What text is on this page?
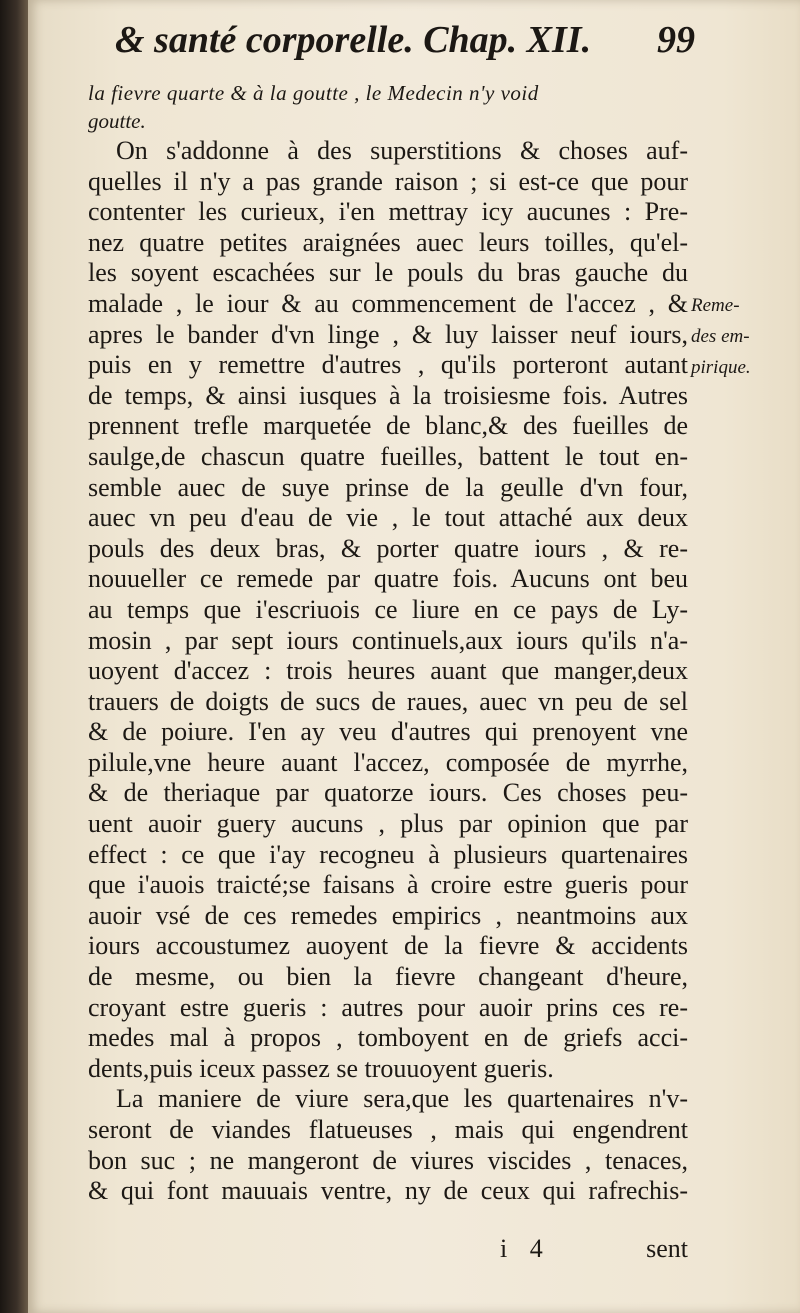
& santé corporelle. Chap. XII. 99
la fievre quarte & à la goutte , le Medecin n'y void
goutte.
On s'addonne à des superstitions & choses auf-
quelles il n'y a pas grande raison ; si est-ce que pour
contenter les curieux, i'en mettray icy aucunes : Pre-
nez quatre petites araignées auec leurs toilles, qu'el-
les soyent escachées sur le pouls du bras gauche du
malade , le iour & au commencement de l'accez , &
apres le bander d'vn linge , & luy laisser neuf iours,
puis en y remettre d'autres , qu'ils porteront autant
de temps, & ainsi iusques à la troisiesme fois. Autres
prennent trefle marquetée de blanc,& des fueilles de
saulge,de chascun quatre fueilles, battent le tout en-
semble auec de suye prinse de la geulle d'vn four,
auec vn peu d'eau de vie , le tout attaché aux deux
pouls des deux bras, & porter quatre iours , & re-
nouueller ce remede par quatre fois. Aucuns ont beu
au temps que i'escriuois ce liure en ce pays de Ly-
mosin , par sept iours continuels,aux iours qu'ils n'a-
uoyent d'accez : trois heures auant que manger,deux
trauers de doigts de sucs de raues, auec vn peu de sel
& de poiure. I'en ay veu d'autres qui prenoyent vne
pilule,vne heure auant l'accez, composée de myrrhe,
& de theriaque par quatorze iours. Ces choses peu-
uent auoir guery aucuns , plus par opinion que par
effect : ce que i'ay recogneu à plusieurs quartenaires
que i'auois traicté;se faisans à croire estre gueris pour
auoir vsé de ces remedes empirics , neantmoins aux
iours accoustumez auoyent de la fievre & accidents
de mesme, ou bien la fievre changeant d'heure,
croyant estre gueris : autres pour auoir prins ces re-
medes mal à propos , tomboyent en de griefs acci-
dents,puis iceux passez se trouuoyent gueris.
La maniere de viure sera,que les quartenaires n'v-
seront de viandes flatueuses , mais qui engendrent
bon suc ; ne mangeront de viures viscides , tenaces,
& qui font mauuais ventre, ny de ceux qui rafrechis-
Reme-
des em-
pirique.
i 4	sent
